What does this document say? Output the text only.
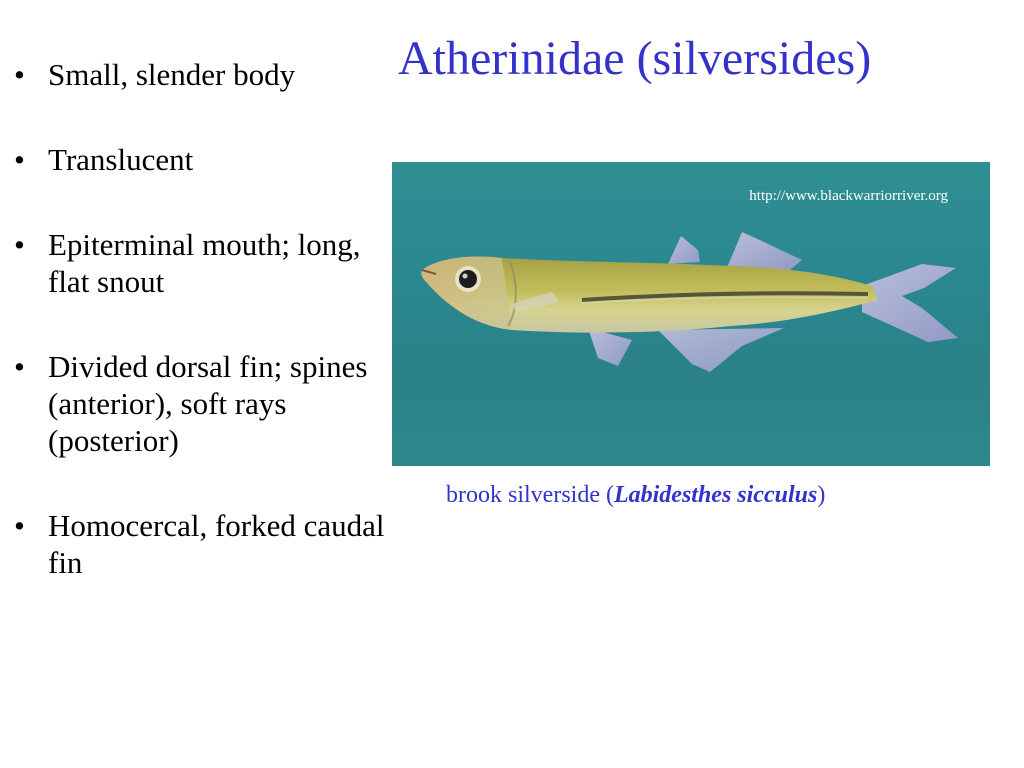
Atherinidae (silversides)
• Small, slender body
• Translucent
• Epiterminal mouth; long, flat snout
• Divided dorsal fin; spines (anterior), soft rays (posterior)
• Homocercal, forked caudal fin
http://www.blackwarriorriver.org
brook silverside (Labidesthes sicculus)
